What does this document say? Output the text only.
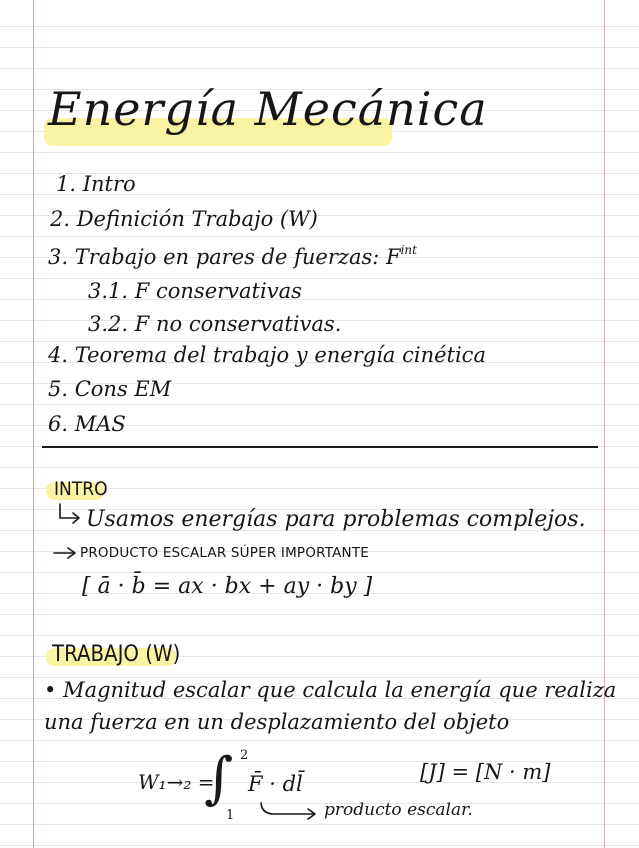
Energía Mecánica
1. Intro
2. Definición Trabajo (W)
3. Trabajo en pares de fuerzas: $F^{int}$
3.1. F conservativas
3.2. F no conservativas.
4. Teorema del trabajo y energía cinética
5. Cons EM
6. MAS
INTRO
Usamos energías para problemas complejos.
PRODUCTO ESCALAR SÚPER IMPORTANTE
[ ā · b̄ = ax · bx + ay · by ]
TRABAJO (W)
• Magnitud escalar que calcula la energía que realiza
una fuerza en un desplazamiento del objeto
W₁→₂ =
∫ 2
1
F̄ · dl̄	[J] = [N · m]
producto escalar.
